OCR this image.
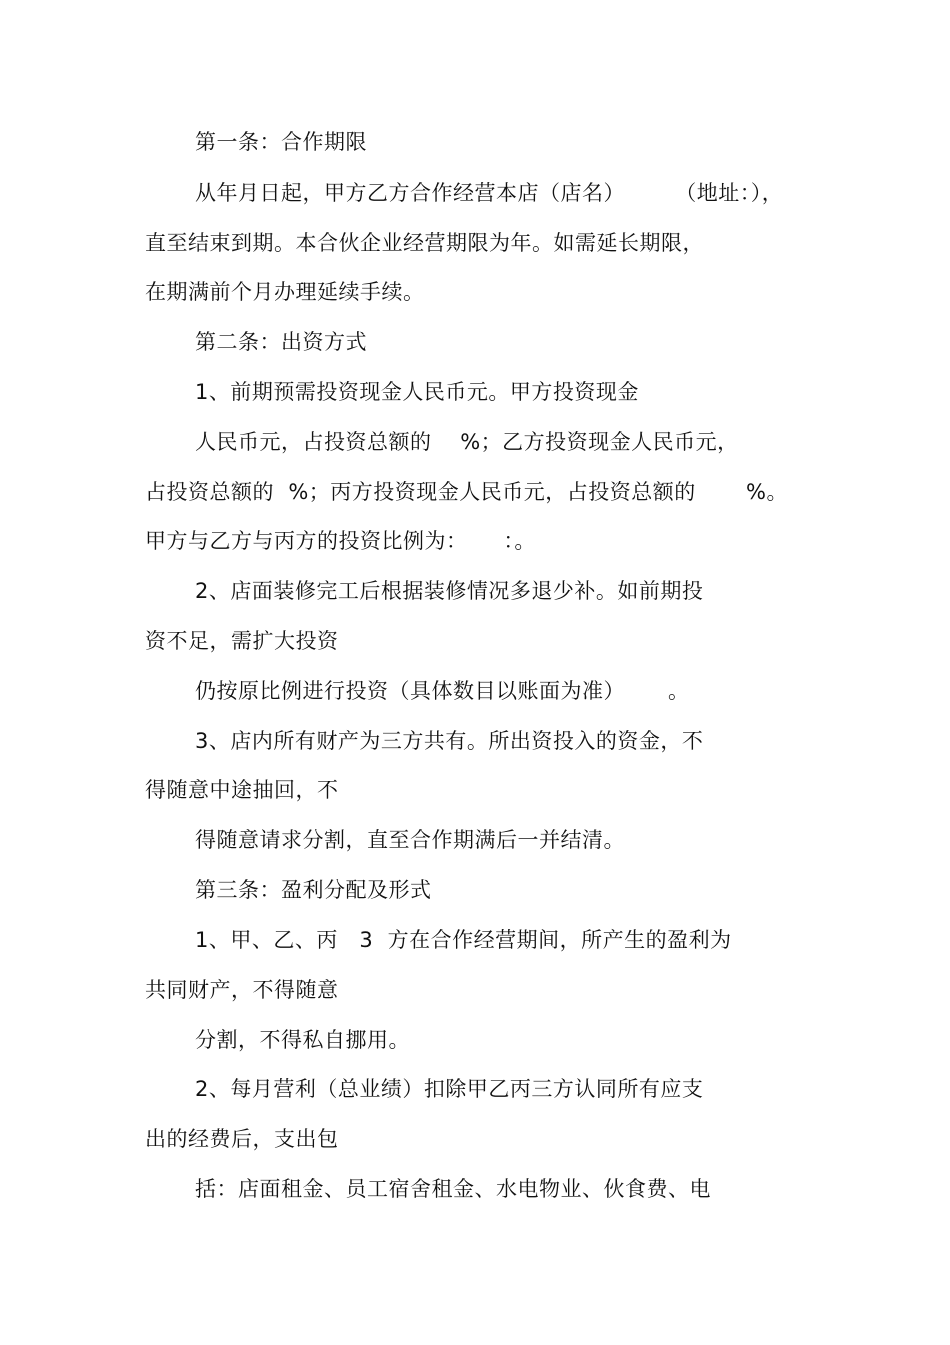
第一条：合作期限
从年月日起，甲方乙方合作经营本店（店名）       （地址：），
直至结束到期。本合伙企业经营期限为年。如需延长期限，
在期满前个月办理延续手续。
第二条：出资方式
1、前期预需投资现金人民币元。甲方投资现金
人民币元，占投资总额的    %；乙方投资现金人民币元，
占投资总额的  %；丙方投资现金人民币元，占投资总额的       %。
甲方与乙方与丙方的投资比例为：     ：。
2、店面装修完工后根据装修情况多退少补。如前期投
资不足，需扩大投资
仍按原比例进行投资（具体数目以账面为准）      。
3、店内所有财产为三方共有。所出资投入的资金，不
得随意中途抽回，不
得随意请求分割，直至合作期满后一并结清。
第三条：盈利分配及形式
1、甲、乙、丙   3  方在合作经营期间，所产生的盈利为
共同财产，不得随意
分割，不得私自挪用。
2、每月营利（总业绩）扣除甲乙丙三方认同所有应支
出的经费后，支出包
括：店面租金、员工宿舍租金、水电物业、伙食费、电
